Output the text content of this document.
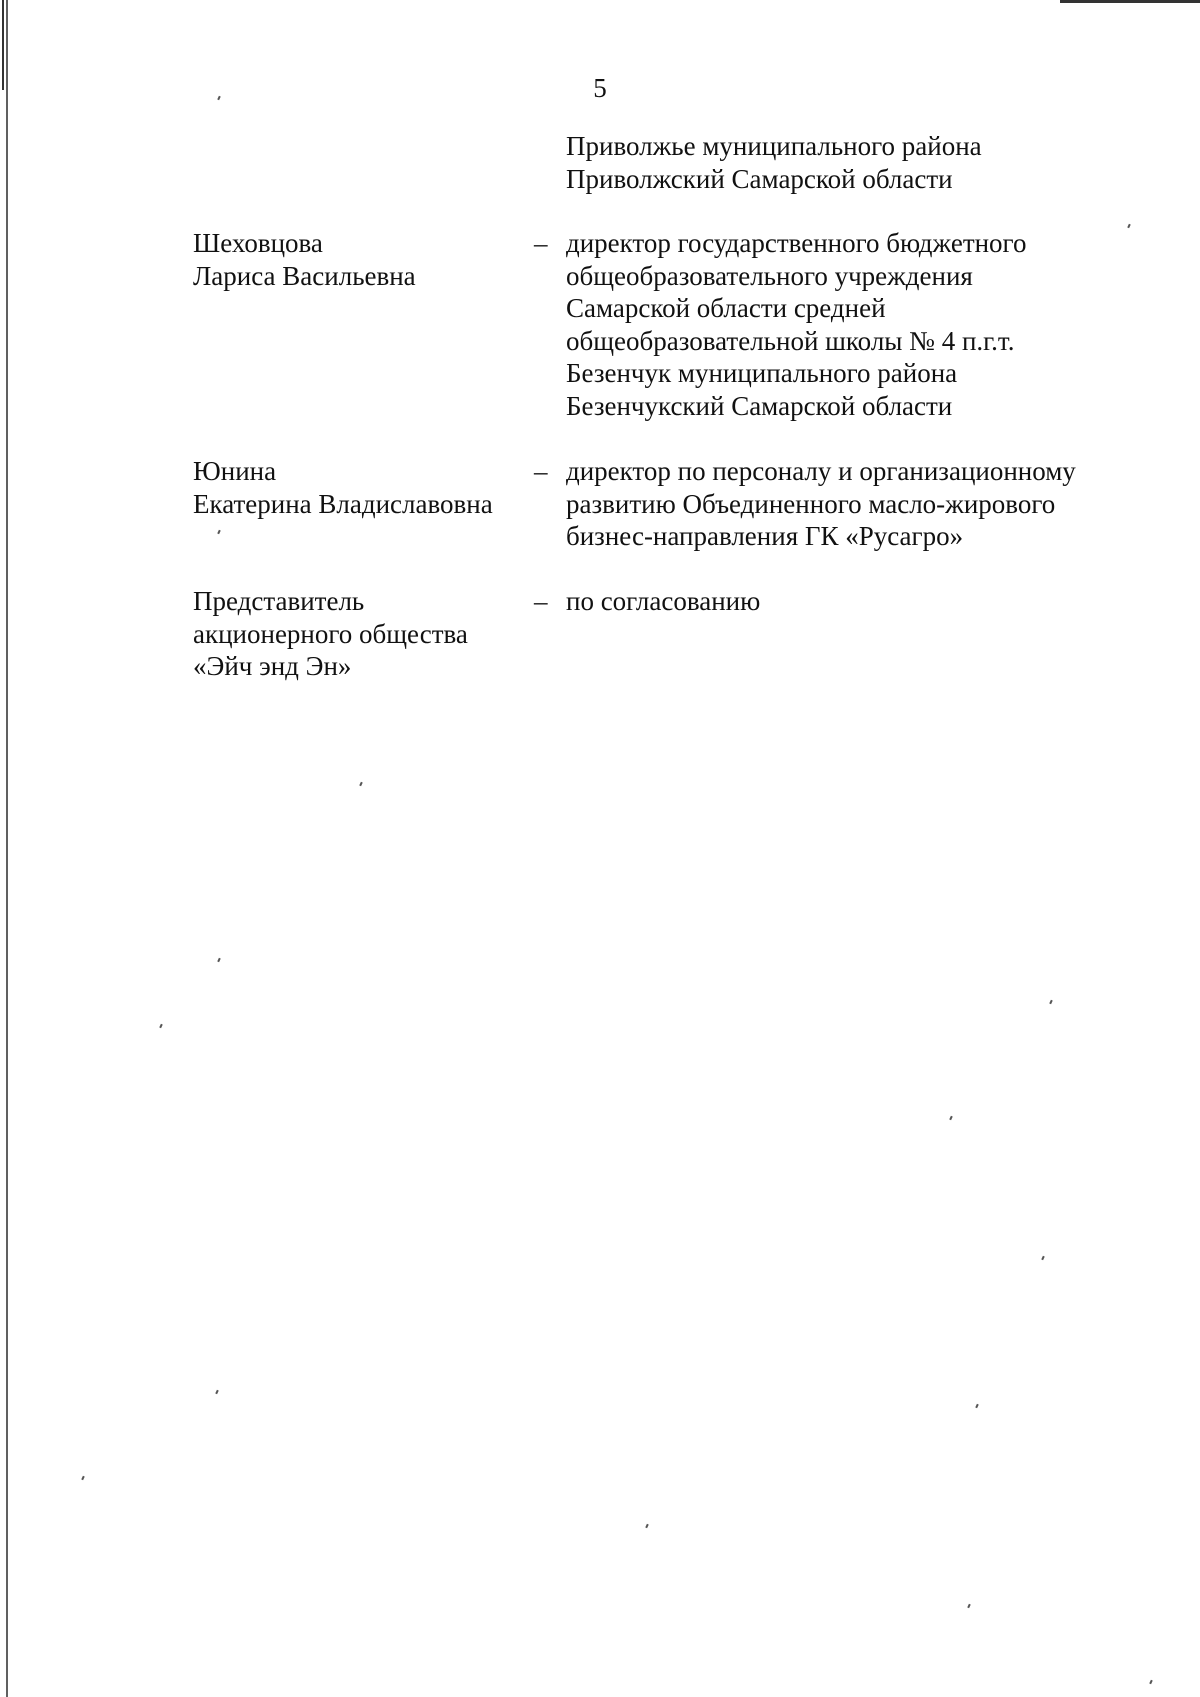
5
Приволжье муниципального района
Приволжский Самарской области
Шеховцова
Лариса Васильевна
– директор государственного бюджетного
общеобразовательного учреждения
Самарской области средней
общеобразовательной школы № 4 п.г.т.
Безенчук муниципального района
Безенчукский Самарской области
Юнина
Екатерина Владиславовна
– директор по персоналу и организационному
развитию Объединенного масло-жирового
бизнес-направления ГК «Русагро»
Представитель
акционерного общества
«Эйч энд Эн»
– по согласованию
